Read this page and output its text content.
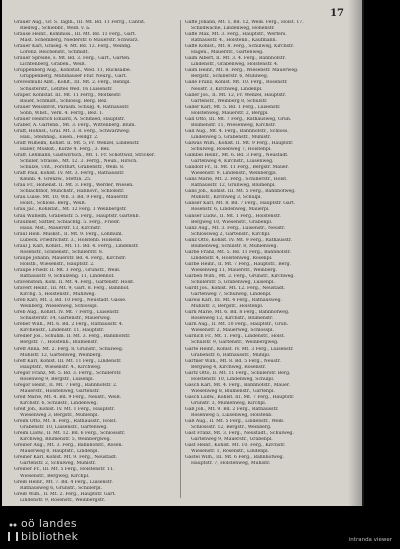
17
Grauer Aug., Gr. S. Taglh., III. Mt. Bd. 11 Ferrg., Cantst.
Riedwg., Schiebbr., Weiß. v. a.
Grause Heinr., Kommiss., III. Mt. Bd. 11 Ferg., Gart.
Mast. Schemberg, Niederstr. 6 Mauerstr. Schwarz.
Grauer Karl, Graseg. 4. Mt. Bd. 12. Ferg., Weinbg.
Lorenz. Reichenstr., Schmidt.
Grauer Spreiße, s. Mt. Bd. 3. Ferg., Gart., Garten.
Lichtenberg, Graben., Weiß.
Gruppenberg Aug., Kohlstät., Wed. 11, Rücksalbe.
Gruppenberg, Mühlhauser Flur. Neurg., Gart.
Grevesmühl Albt., Kohlt., III. Mt. 2. Ferg., Rennpl.
Schusterstr., Letztes Wed. 16 Luisenstr.
Gräper. Kohlstät. III. Mt. 11 Ferrg., Moltkestr.
Bauer, Schmidt., Schlossg. Berg. Bez.
Grauer Weissbrot, Parasm. Schulg. 4, Rathausstr.
Sohn, Wbst., Verk. 4. Ferrg., Bez. 1.
Grauer Heinrich Eduard, A. Schmied, Hauptstr.
Gräber, A. Gartenb., Mt. 3. Ferg., Wittenberg. Blum.
Graff, Hohnst., Gral. Mt. 3. 8. Ferg., Schwarzweg.
Hall., Steinhag., Eisen., Feldgr. 2.
Graff Wilhelm, Kohlst. II. Mt. 5, Fr. Wenzel, Lindenstr.
Haller, Muskst., Kurze 4. Ferg., 3. Bez.
Graff. Lehmann, Gastwirtsch., Mt. 1. Fr. Schottwill, Stricker.
Schiller, Strasse., Mt. 12. 3. Ferrg., Neub., Hirsch.
Schulze, Unt., Forstfurt, Grabenstr., Weiß. 8.
Graff Paul, Kohlst. IV. Mt. 3. Ferrg., Rathausstr.
Kleinb. 4. Grenzw., Stettin. 25.
Grau Fr., Hohenst. II. Mt. 3. Ferg., Werder, Wiesen.
Schlachthof, Münchstr., Hannovr., Schloßstr.
Grau Luise. Mt. 10, Wb. 3. Bd. 9 Ferg., Mauerstr.
Holst., Schloss. Berg., Weiß.
Grau Jac., Kohlstät., Mt. 12 Ferg. 1 Weinbergstr.
Grau Wilhelm, Grabenstr. 5. Ferg., Hauptstr. Gartenb.
Graubner, Sattler, Schlachtg. 5. Ferg., Friedr.
Haus. Mst., Mauerstr. 13, Kirchstr.
Graul Hein. Muskst., II. Mt. 9. Ferg., Lohmühl.
Lübeck. Friedrichstr. 3., Holstenb. Holsenb.
Graul J. Karl, Kohlst., Mt. 11. Bd. 4. Ferrg., Lindenstr.
Rosenstr., Grabenstr., Schillerstr. 8.
Graupe Johann, Mauerstr. Bd. 4. Ferg., Kirchstr.
Holstb., Wiesenstr., Hauptstr. 2.
Graupe Friedr. II. Mt. 1 Ferg., Grünstr., Weiß.
Rathausstr. 9, Schulzeng. 11, Lindenhof.
Gravenstein, Kohl. II. Mt. 4. Ferg., Gartenstr. Holst.
Gravert Heinr., III. Mt. 9, Gart. 8. Ferg., Bahnhof.
Kirchg. 5, Holstenstr., Mühlweg.
Greb Karl, Mt. 3, Bd. 10 Ferg., Neustadt. Gasse.
Weinberg, Wiesenweg, Schlosspl.
Greb Aug., Kohlst. IV. Mt. 7 Ferrg., Luisenstr.
Schusterstr. 14, Gartenstr., Mauerweg.
Greber Wilh., Mt. 6. Bd. 2 Ferg., Rathausstr. 4.
Kirchenstr., Lindenstr. 11, Hauptstr.
Gredler Jos., Schuhm. II. Mt. 3. Ferg., Bahnhofstr.
Bergstr. 7., Holstenb., Blumenstr.
Greff Anna, Mt. 2. Ferg. 8, Grünstr., Schulweg.
Mühlstr. 12, Gartenweg, Weinberg.
Greff Karl, Kohlst. III. Mt. 11 Ferg., Lindenstr.
Hauptstr., Wiesenstr. 4., Kirchweg.
Gregor Franz, Mt. 5. Bd. 3. Ferrg., Schillerstr.
Rosenweg 9, Bergstr., Luisenpl.
Gregor Heinr., II. Mt. 7 Ferg., Bahnhofstr. 2.
Mauerstr., Holstenweg, Gartenstr.
Greif Marie, Mt. 4. Bd. 9 Ferg., Neustr., Weiß.
Kirchstr. 6, Schulstr., Lindenweg.
Greif Joh., Kohlst. IV. Mt. 1 Ferg., Hauptstr.
Wiesenweg 3, Bergstr., Mühlenpl.
Greim Otto, Mt. 8. Ferg., Rathausstr., Holst.
Grabenstr. 10, Luisenstr., Gartenweg.
Greim Ludw., II. Mt. 12. Bd. 6 Ferg., Schlossstr.
Kirchweg, Blumenstr. 5, Weinbergweg.
Greiner Aug., Mt. 3. Ferg., Bahnhofstr., Rosen.
Mauerweg 8, Hauptstr., Lindenpl.
Greiner Karl, Kohlst. Mt. 9. Ferg., Neustadt.
Gartenstr. 2, Schulweg, Mühlstr.
Greiner Fr., III. Mt. 5 Ferg., Holstenstr. 11.
Wiesenstr., Bergweg, Kirchpl.
Greiß Heinr., Mt. 7. Bd. 4 Ferg., Luisenstr.
Rathausweg 6, Grünstr., Schillerpl.
Greiß Wilh., II. Mt. 2. Ferg., Hauptstr. Gart.
Lindenstr. 9, Rosenstr., Weinbergstr.
Gaffe Johann, Mt. 1, Bd. 12, Weiß. Ferg., Holst. 17.
Schildwache, Lindenweg, Hohenstr.
Gaffe Max, Mt. 3. Ferg., Hauptstr., Werfers.
Rathausstr. 4., Holstenb., Kaufmann.
Gaffe Kohlst., Mt. 8. Ferg., Schulweg, Kirchstr.
Hagen., Mauerstr., Gartenweg.
Gaim Albert, II. Mt. 3. 4. Ferg., Bahnhofstr.
Lindenstr., Grabenweg, Holstenstr. 4.
Gaim Heinr., Mt. 8. Ferg., Wiesenstr. Mauerweg.
Bergstr., Schillerstr. 6, Mühlweg.
Galle Franz, Kohlst. Mt. 10. Ferg., Rosenstr.
Neustr. 3, Kirchweg, Lindenpl.
Galler Jos., II. Mt. 12, Fr. Wenzel, Hauptstr.
Gartenstr., Weinberg 8, Schulstr.
Galler Karl, Mt. 5. Bd. 1 Ferg., Luisenstr.
Holstenweg, Mauerstr. 2, Bergpl.
Gall Otto, III. Mt. 7 Ferg., Rathausweg, Grün.
Blumenstr. 11, Wiesenweg, Kirchstr.
Gall Aug., Mt. 4. Ferg., Bahnhofstr., Schloss.
Lindenweg 5, Grabenstr., Mühlstr.
Galwas Wilh., Kohlst. II. Mt. 9 Ferg., Hauptstr.
Schulweg, Rosenweg 7, Holstenpl.
Gambel Heinr., Mt. 6. Bd. 3 Ferg., Neustadt.
Gartenweg 4, Kirchstr., Luisenweg.
Gandolf Fr., II. Mt. 11 Ferg., Bergstr. Mauer.
Wiesenstr. 9, Lindenstr., Weinbergpl.
Gans Marie, Mt. 2. Ferg., Schillerstr., Holst.
Rathausstr. 12, Grünweg, Blumenpl.
Gans Joh., Kohlst. III. Mt. 5 Ferg., Bahnhofweg.
Mühlstr., Kirchweg 3, Schulpl.
Ganser Karl, Mt. 8. Bd. 7 Ferg., Hauptstr. Gart.
Rosenstr. 6, Lindenweg, Mauerpl.
Ganser Ludw., II. Mt. 1 Ferg., Holstenstr.
Bergweg 10, Wiesenstr., Grabenpl.
Ganz Aug., Mt. 3. Ferg., Luisenstr., Neustr.
Schlossweg 2, Gartenstr., Kirchpl.
Ganz Otto, Kohlst. IV. Mt. 9 Ferg., Rathausstr.
Blumenweg, Schulstr. 8, Mühlenweg.
Garbe Franz, Mt. 5. Bd. 11 Ferg., Bahnhofstr.
Lindenstr. 4, Holstenweg, Rosenpl.
Garbe Heinr., II. Mt. 7 Ferg., Hauptstr., Berg.
Wiesenweg 11, Mauerstr., Weinberg.
Garben Wilh., Mt. 2. Ferg., Grünstr., Kirchweg.
Schillerstr. 5, Grabenweg, Luisenpl.
Gardt Jos., Kohlst. Mt. 12. Ferg., Neustadt.
Gartenweg 7, Schulweg, Lindenpl.
Gareis Karl, III. Mt. 4 Ferg., Rathausweg.
Mühlstr. 3, Bergstr., Holstenpl.
Garn Marie, Mt. 6. Bd. 8 Ferg., Bahnhofweg.
Rosenweg 12, Kirchstr., Blumenstr.
Garn Aug., II. Mt. 10 Ferg., Hauptstr., Grün.
Wiesenstr. 2, Mauerweg, Schlosspl.
Garnich Fr., Mt. 1. Ferg., Lindenstr., Holst.
Schulstr. 9, Gartenstr., Weinbergweg.
Garte Heinr., Kohlst. IV. Mt. 3 Ferg., Luisenstr.
Grabenstr. 6, Rathausstr., Mühlpl.
Gartner Wilh., Mt. 8. Bd. 5 Ferg., Neustr.
Bergweg 4, Kirchweg, Rosenstr.
Gartz Otto, II. Mt. 11 Ferg., Schillerstr. Berg.
Holstenstr. 10, Lindenweg, Schulpl.
Gasch Karl, Mt. 4. Ferg., Bahnhofstr., Mauer.
Wiesenweg 8, Blumenstr., Gartenpl.
Gasch Ludw., Kohlst. III. Mt. 7 Ferg., Hauptstr.
Grünstr. 3, Mühlenweg, Kirchpl.
Gaß Joh., Mt. 9. Bd. 2 Ferg., Rathausstr.
Rosenweg 5, Luisenweg, Holstenb.
Gaß Aug., II. Mt. 5 Ferg., Lindenstr., Weiß.
Schlossstr. 12, Bergstr., Weinberg.
Gast Franz, Mt. 3. Ferg., Neustadt., Schulweg.
Gartenweg 9, Mauerstr., Grabenpl.
Gast Heinr., Kohlst. Mt. 10. Ferg., Kirchstr.
Wiesenstr. 1, Rosenstr., Lindenpl.
Gastel Wilh., III. Mt. 6 Ferg., Bahnhofweg.
Hauptstr. 7, Holstenweg, Mühlstr.
oö landes
bibliothek	intranda viewer
